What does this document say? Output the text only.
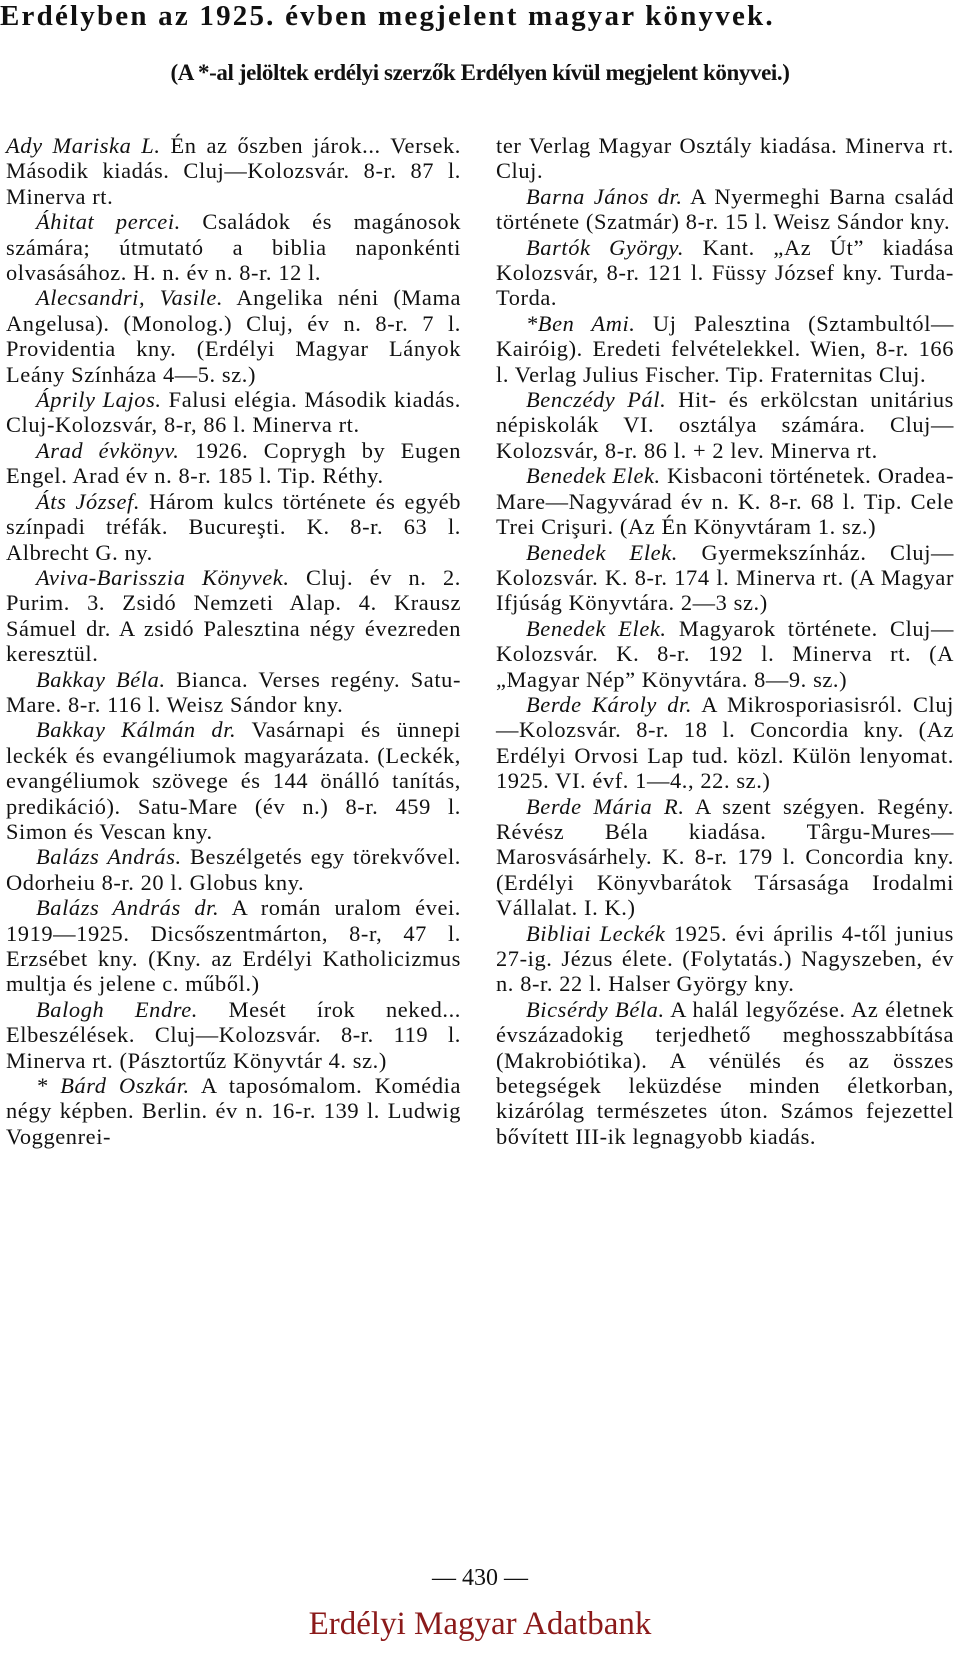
Erdélyben az 1925. évben megjelent magyar könyvek.

(A *-al jelöltek erdélyi szerzők Erdélyen kívül megjelent könyvei.)

Ady Mariska L. Én az őszben járok... Versek. Második kiadás. Cluj—Kolozsvár. 8-r. 87 l. Minerva rt.

Áhitat percei. Családok és magánosok számára; útmutató a biblia naponkénti olvasásához. H. n. év n. 8-r. 12 l.

Alecsandri, Vasile. Angelika néni (Mama Angelusa). (Monolog.) Cluj, év n. 8-r. 7 l. Providentia kny. (Erdélyi Magyar Lányok Leány Színháza 4—5. sz.)

Áprily Lajos. Falusi elégia. Második kiadás. Cluj-Kolozsvár, 8-r, 86 l. Minerva rt.

Arad évkönyv. 1926. Coprygh by Eugen Engel. Arad év n. 8-r. 185 l. Tip. Réthy.

Áts József. Három kulcs története és egyéb színpadi tréfák. Bucureşti. K. 8-r. 63 l. Albrecht G. ny.

Aviva-Barisszia Könyvek. Cluj. év n. 2. Purim. 3. Zsidó Nemzeti Alap. 4. Krausz Sámuel dr. A zsidó Palesztina négy évezreden keresztül.

Bakkay Béla. Bianca. Verses regény. Satu-Mare. 8-r. 116 l. Weisz Sándor kny.

Bakkay Kálmán dr. Vasárnapi és ünnepi leckék és evangéliumok magyarázata. (Leckék, evangéliumok szövege és 144 önálló tanítás, predikáció). Satu-Mare (év n.) 8-r. 459 l. Simon és Vescan kny.

Balázs András. Beszélgetés egy törekvővel. Odorheiu 8-r. 20 l. Globus kny.

Balázs András dr. A román uralom évei. 1919—1925. Dicsőszentmárton, 8-r, 47 l. Erzsébet kny. (Kny. az Erdélyi Katholicizmus multja és jelene c. műből.)

Balogh Endre. Mesét írok neked... Elbeszélések. Cluj—Kolozsvár. 8-r. 119 l. Minerva rt. (Pásztortűz Könyvtár 4. sz.)

* Bárd Oszkár. A taposómalom. Komédia négy képben. Berlin. év n. 16-r. 139 l. Ludwig Voggenrei-

ter Verlag Magyar Osztály kiadása. Minerva rt. Cluj.

Barna János dr. A Nyermeghi Barna család története (Szatmár) 8-r. 15 l. Weisz Sándor kny.

Bartók György. Kant. „Az Út” kiadása Kolozsvár, 8-r. 121 l. Füssy József kny. Turda-Torda.

*Ben Ami. Uj Palesztina (Sztambultól—Kairóig). Eredeti felvételekkel. Wien, 8-r. 166 l. Verlag Julius Fischer. Tip. Fraternitas Cluj.

Benczédy Pál. Hit- és erkölcstan unitárius népiskolák VI. osztálya számára. Cluj—Kolozsvár, 8-r. 86 l. + 2 lev. Minerva rt.

Benedek Elek. Kisbaconi történetek. Oradea-Mare—Nagyvárad év n. K. 8-r. 68 l. Tip. Cele Trei Crişuri. (Az Én Könyvtáram 1. sz.)

Benedek Elek. Gyermekszínház. Cluj—Kolozsvár. K. 8-r. 174 l. Minerva rt. (A Magyar Ifjúság Könyvtára. 2—3 sz.)

Benedek Elek. Magyarok története. Cluj—Kolozsvár. K. 8-r. 192 l. Minerva rt. (A „Magyar Nép” Könyvtára. 8—9. sz.)

Berde Károly dr. A Mikrosporiasisról. Cluj—Kolozsvár. 8-r. 18 l. Concordia kny. (Az Erdélyi Orvosi Lap tud. közl. Külön lenyomat. 1925. VI. évf. 1—4., 22. sz.)

Berde Mária R. A szent szégyen. Regény. Révész Béla kiadása. Târgu-Mures—Marosvásárhely. K. 8-r. 179 l. Concordia kny. (Erdélyi Könyvbarátok Társasága Irodalmi Vállalat. I. K.)

Bibliai Leckék 1925. évi április 4-től junius 27-ig. Jézus élete. (Folytatás.) Nagyszeben, év n. 8-r. 22 l. Halser György kny.

Bicsérdy Béla. A halál legyőzése. Az életnek évszázadokig terjedhető meghosszabbítása (Makrobiótika). A vénülés és az összes betegségek leküzdése minden életkorban, kizárólag természetes úton. Számos fejezettel bővített III-ik legnagyobb kiadás.

— 430 —

Erdélyi Magyar Adatbank
